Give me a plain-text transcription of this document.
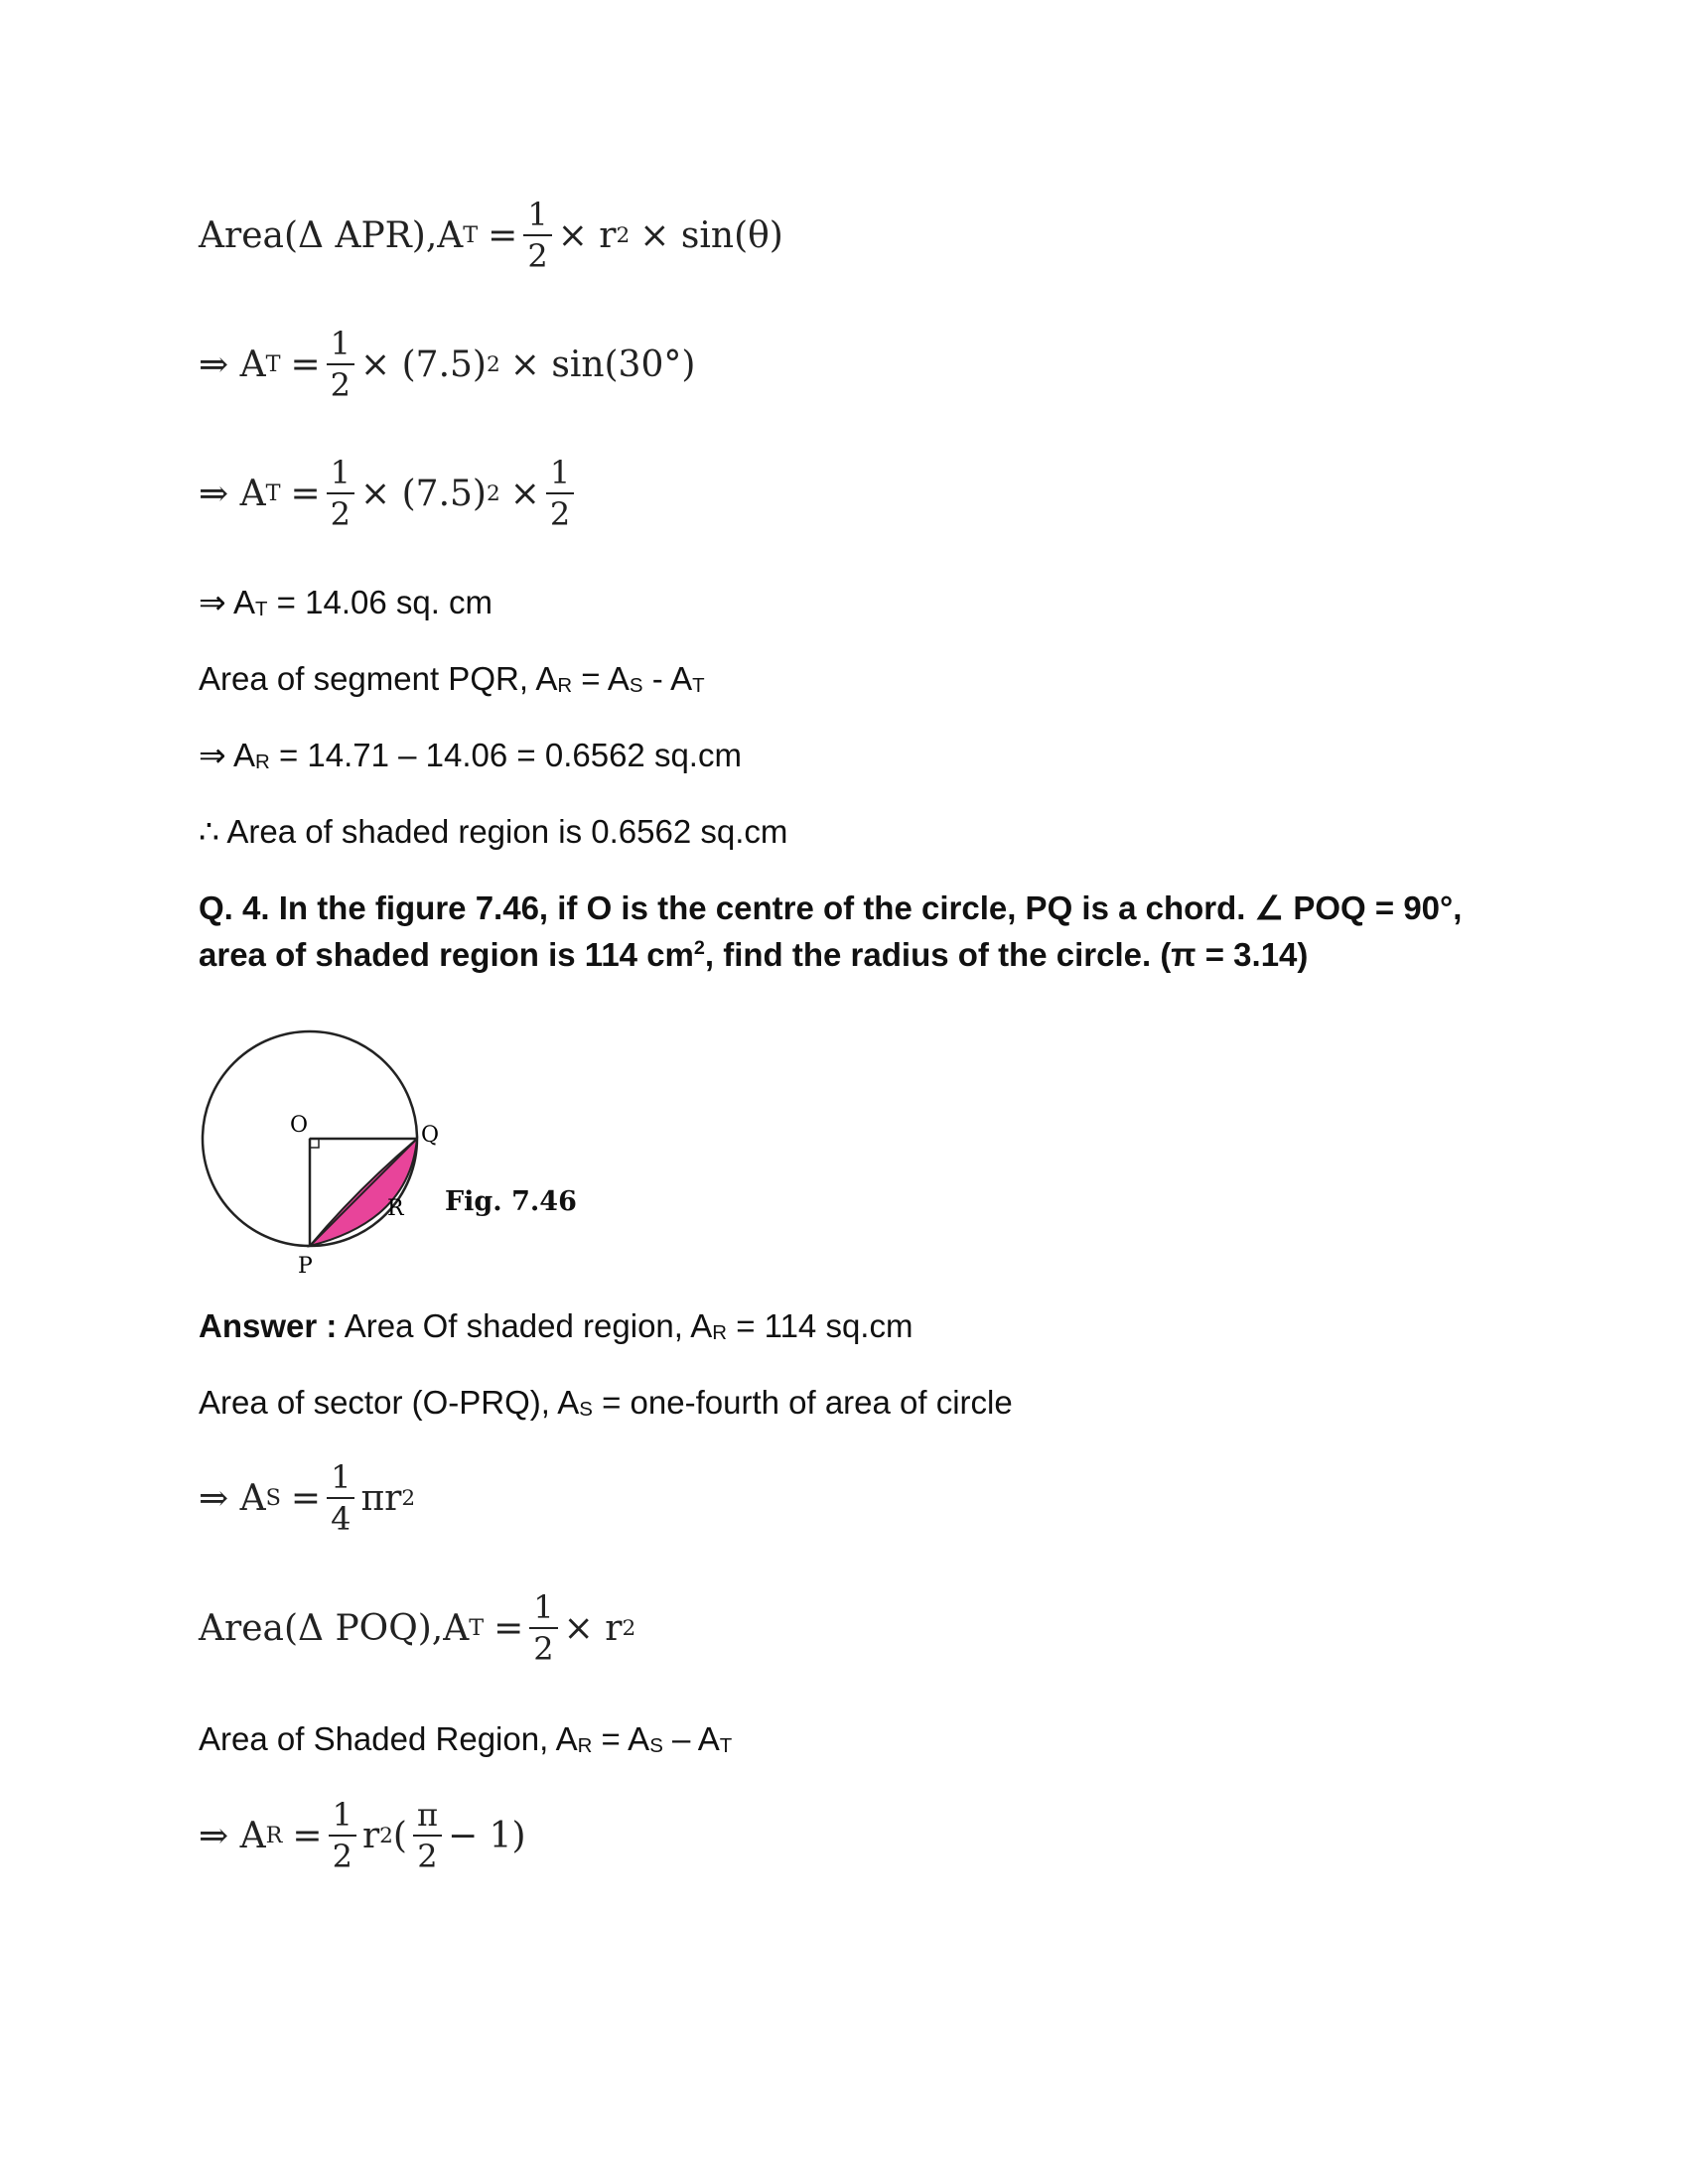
Area(Δ APR),A $T = \frac{1}{2} \times r$ 2 × sin(θ)
⇒ A $T = \frac{1}{2} \times (7.5) 2 \times \sin(30^\circ)$
⇒ A $T = \frac{1}{2} \times (7.5) 2 \times \frac{1}{2}$
⇒ AT = 14.06 sq. cm
Area of segment PQR, AR = AS - AT
⇒ AR = 14.71 – 14.06 = 0.6562 sq.cm
∴ Area of shaded region is 0.6562 sq.cm
Q. 4. In the figure 7.46, if O is the centre of the circle, PQ is a chord. ∠ POQ = 90°,
area of shaded region is 114 $cm^2$, find the radius of the circle. (π = 3.14)
O	Q
R
P
Fig. 7.46
Answer : Area Of shaded region, AR = 114 sq.cm
Area of sector (O-PRQ), AS = one-fourth of area of circle
⇒ A $S = \frac{1}{4}$ πr 2
Area(Δ POQ),A $T = \frac{1}{2} \times r$ 2
Area of Shaded Region, AR = AS – AT
⇒ A $R = \frac{1}{2}$ r 2 ( $\frac{\pi}{2} - 1$)
